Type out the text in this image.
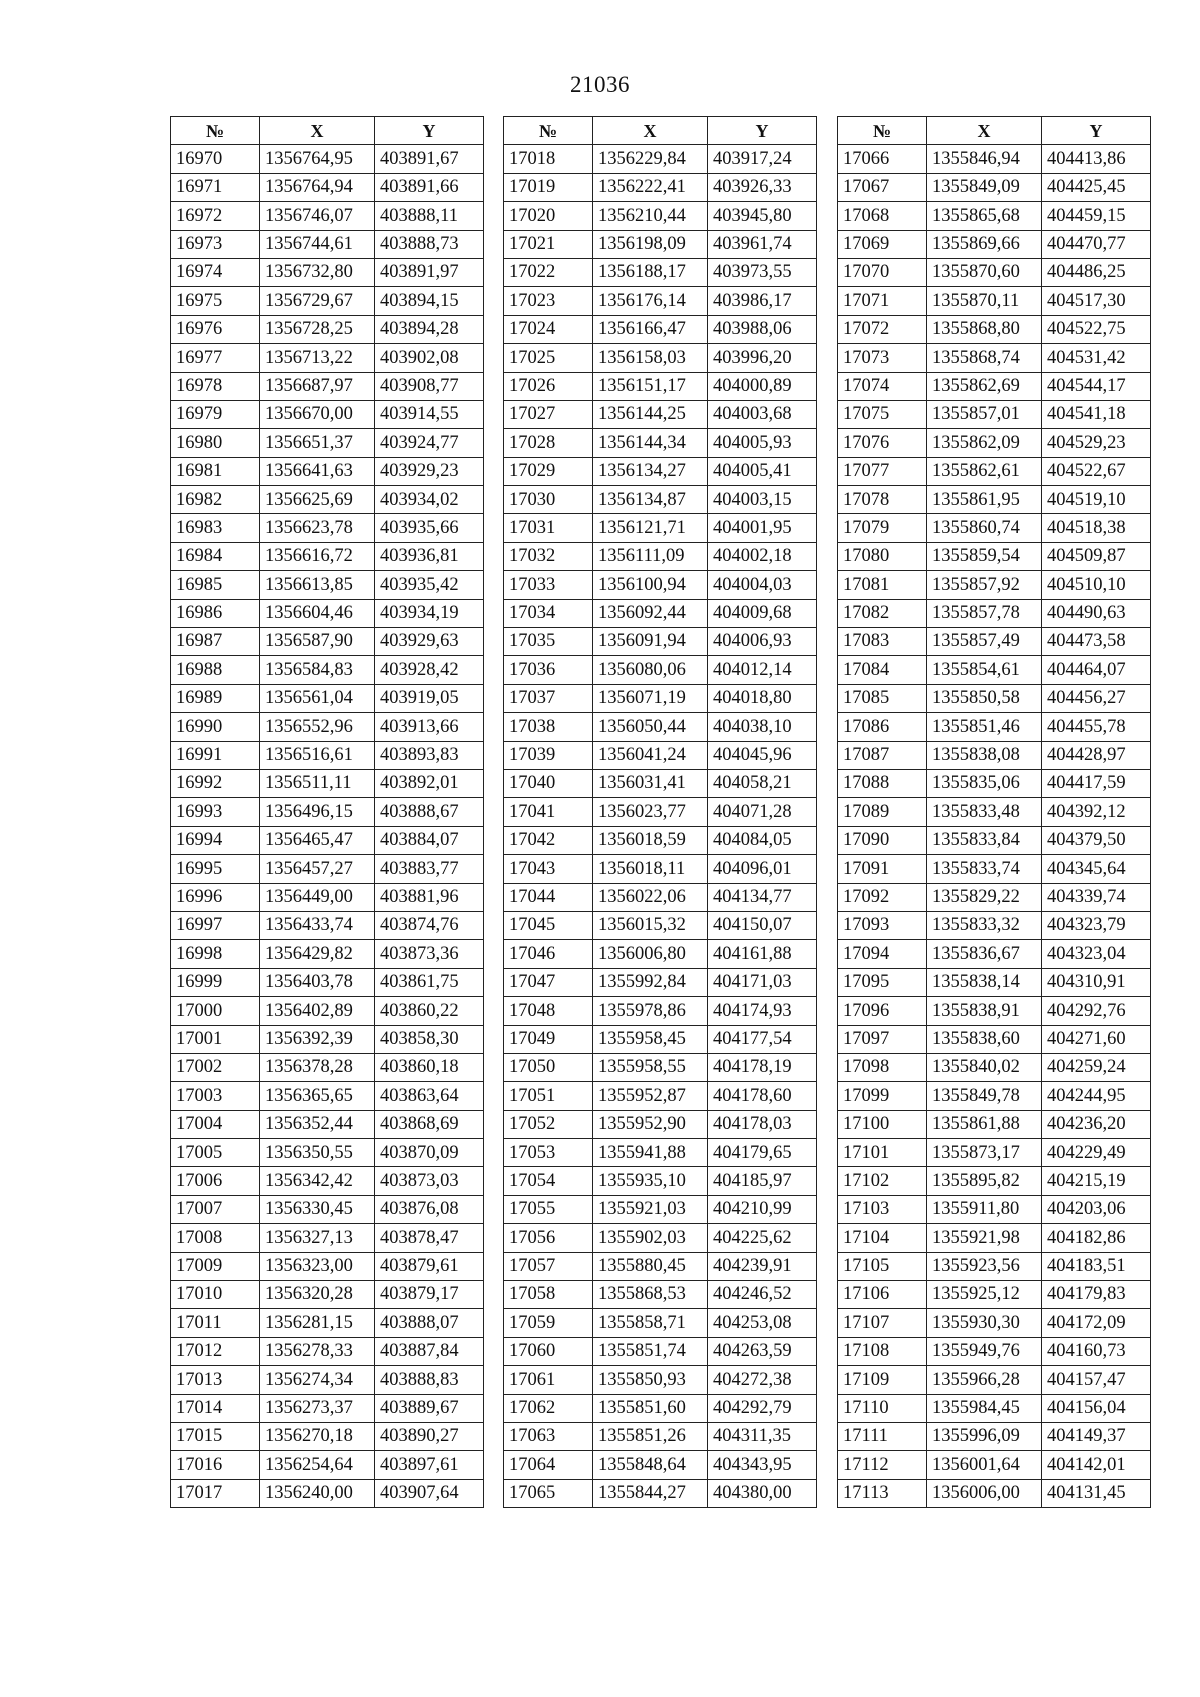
21036
№	X	Y
16970	1356764,95	403891,67
16971	1356764,94	403891,66
16972	1356746,07	403888,11
16973	1356744,61	403888,73
16974	1356732,80	403891,97
16975	1356729,67	403894,15
16976	1356728,25	403894,28
16977	1356713,22	403902,08
16978	1356687,97	403908,77
16979	1356670,00	403914,55
16980	1356651,37	403924,77
16981	1356641,63	403929,23
16982	1356625,69	403934,02
16983	1356623,78	403935,66
16984	1356616,72	403936,81
16985	1356613,85	403935,42
16986	1356604,46	403934,19
16987	1356587,90	403929,63
16988	1356584,83	403928,42
16989	1356561,04	403919,05
16990	1356552,96	403913,66
16991	1356516,61	403893,83
16992	1356511,11	403892,01
16993	1356496,15	403888,67
16994	1356465,47	403884,07
16995	1356457,27	403883,77
16996	1356449,00	403881,96
16997	1356433,74	403874,76
16998	1356429,82	403873,36
16999	1356403,78	403861,75
17000	1356402,89	403860,22
17001	1356392,39	403858,30
17002	1356378,28	403860,18
17003	1356365,65	403863,64
17004	1356352,44	403868,69
17005	1356350,55	403870,09
17006	1356342,42	403873,03
17007	1356330,45	403876,08
17008	1356327,13	403878,47
17009	1356323,00	403879,61
17010	1356320,28	403879,17
17011	1356281,15	403888,07
17012	1356278,33	403887,84
17013	1356274,34	403888,83
17014	1356273,37	403889,67
17015	1356270,18	403890,27
17016	1356254,64	403897,61
17017	1356240,00	403907,64
№	X	Y
17018	1356229,84	403917,24
17019	1356222,41	403926,33
17020	1356210,44	403945,80
17021	1356198,09	403961,74
17022	1356188,17	403973,55
17023	1356176,14	403986,17
17024	1356166,47	403988,06
17025	1356158,03	403996,20
17026	1356151,17	404000,89
17027	1356144,25	404003,68
17028	1356144,34	404005,93
17029	1356134,27	404005,41
17030	1356134,87	404003,15
17031	1356121,71	404001,95
17032	1356111,09	404002,18
17033	1356100,94	404004,03
17034	1356092,44	404009,68
17035	1356091,94	404006,93
17036	1356080,06	404012,14
17037	1356071,19	404018,80
17038	1356050,44	404038,10
17039	1356041,24	404045,96
17040	1356031,41	404058,21
17041	1356023,77	404071,28
17042	1356018,59	404084,05
17043	1356018,11	404096,01
17044	1356022,06	404134,77
17045	1356015,32	404150,07
17046	1356006,80	404161,88
17047	1355992,84	404171,03
17048	1355978,86	404174,93
17049	1355958,45	404177,54
17050	1355958,55	404178,19
17051	1355952,87	404178,60
17052	1355952,90	404178,03
17053	1355941,88	404179,65
17054	1355935,10	404185,97
17055	1355921,03	404210,99
17056	1355902,03	404225,62
17057	1355880,45	404239,91
17058	1355868,53	404246,52
17059	1355858,71	404253,08
17060	1355851,74	404263,59
17061	1355850,93	404272,38
17062	1355851,60	404292,79
17063	1355851,26	404311,35
17064	1355848,64	404343,95
17065	1355844,27	404380,00
№	X	Y
17066	1355846,94	404413,86
17067	1355849,09	404425,45
17068	1355865,68	404459,15
17069	1355869,66	404470,77
17070	1355870,60	404486,25
17071	1355870,11	404517,30
17072	1355868,80	404522,75
17073	1355868,74	404531,42
17074	1355862,69	404544,17
17075	1355857,01	404541,18
17076	1355862,09	404529,23
17077	1355862,61	404522,67
17078	1355861,95	404519,10
17079	1355860,74	404518,38
17080	1355859,54	404509,87
17081	1355857,92	404510,10
17082	1355857,78	404490,63
17083	1355857,49	404473,58
17084	1355854,61	404464,07
17085	1355850,58	404456,27
17086	1355851,46	404455,78
17087	1355838,08	404428,97
17088	1355835,06	404417,59
17089	1355833,48	404392,12
17090	1355833,84	404379,50
17091	1355833,74	404345,64
17092	1355829,22	404339,74
17093	1355833,32	404323,79
17094	1355836,67	404323,04
17095	1355838,14	404310,91
17096	1355838,91	404292,76
17097	1355838,60	404271,60
17098	1355840,02	404259,24
17099	1355849,78	404244,95
17100	1355861,88	404236,20
17101	1355873,17	404229,49
17102	1355895,82	404215,19
17103	1355911,80	404203,06
17104	1355921,98	404182,86
17105	1355923,56	404183,51
17106	1355925,12	404179,83
17107	1355930,30	404172,09
17108	1355949,76	404160,73
17109	1355966,28	404157,47
17110	1355984,45	404156,04
17111	1355996,09	404149,37
17112	1356001,64	404142,01
17113	1356006,00	404131,45
